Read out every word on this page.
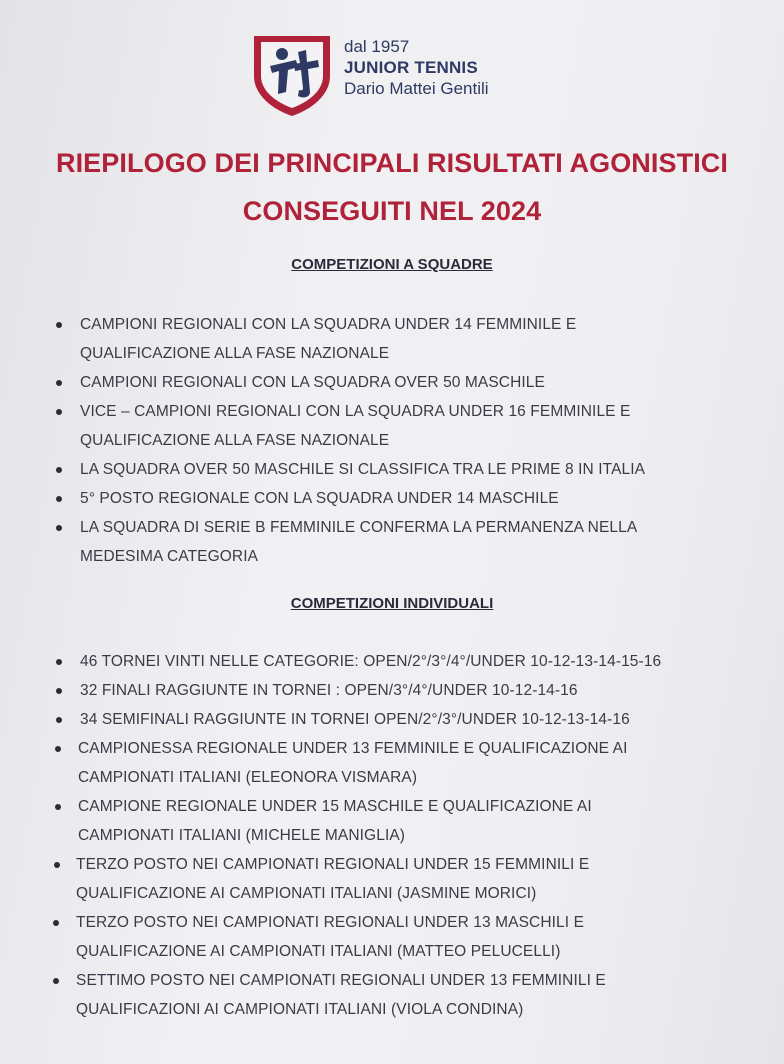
dal 1957
JUNIOR TENNIS
Dario Mattei Gentili
RIEPILOGO DEI PRINCIPALI RISULTATI AGONISTICI
CONSEGUITI NEL 2024
COMPETIZIONI A SQUADRE
CAMPIONI REGIONALI CON LA SQUADRA UNDER 14 FEMMINILE E
QUALIFICAZIONE ALLA FASE NAZIONALE
CAMPIONI REGIONALI CON LA SQUADRA OVER 50 MASCHILE
VICE – CAMPIONI REGIONALI CON LA SQUADRA UNDER 16 FEMMINILE E
QUALIFICAZIONE ALLA FASE NAZIONALE
LA SQUADRA OVER 50 MASCHILE SI CLASSIFICA TRA LE PRIME 8 IN ITALIA
5° POSTO REGIONALE CON LA SQUADRA UNDER 14 MASCHILE
LA SQUADRA DI SERIE B FEMMINILE CONFERMA LA PERMANENZA NELLA
MEDESIMA CATEGORIA
COMPETIZIONI INDIVIDUALI
46 TORNEI VINTI NELLE CATEGORIE: OPEN/2°/3°/4°/UNDER 10-12-13-14-15-16
32 FINALI RAGGIUNTE IN TORNEI : OPEN/3°/4°/UNDER 10-12-14-16
34 SEMIFINALI RAGGIUNTE IN TORNEI OPEN/2°/3°/UNDER 10-12-13-14-16
CAMPIONESSA REGIONALE UNDER 13 FEMMINILE E QUALIFICAZIONE AI
CAMPIONATI ITALIANI (ELEONORA VISMARA)
CAMPIONE REGIONALE UNDER 15 MASCHILE E QUALIFICAZIONE AI
CAMPIONATI ITALIANI (MICHELE MANIGLIA)
TERZO POSTO NEI CAMPIONATI REGIONALI UNDER 15 FEMMINILI E
QUALIFICAZIONE AI CAMPIONATI ITALIANI (JASMINE MORICI)
TERZO POSTO NEI CAMPIONATI REGIONALI UNDER 13 MASCHILI E
QUALIFICAZIONE AI CAMPIONATI ITALIANI (MATTEO PELUCELLI)
SETTIMO POSTO NEI CAMPIONATI REGIONALI UNDER 13 FEMMINILI E
QUALIFICAZIONI AI CAMPIONATI ITALIANI (VIOLA CONDINA)
